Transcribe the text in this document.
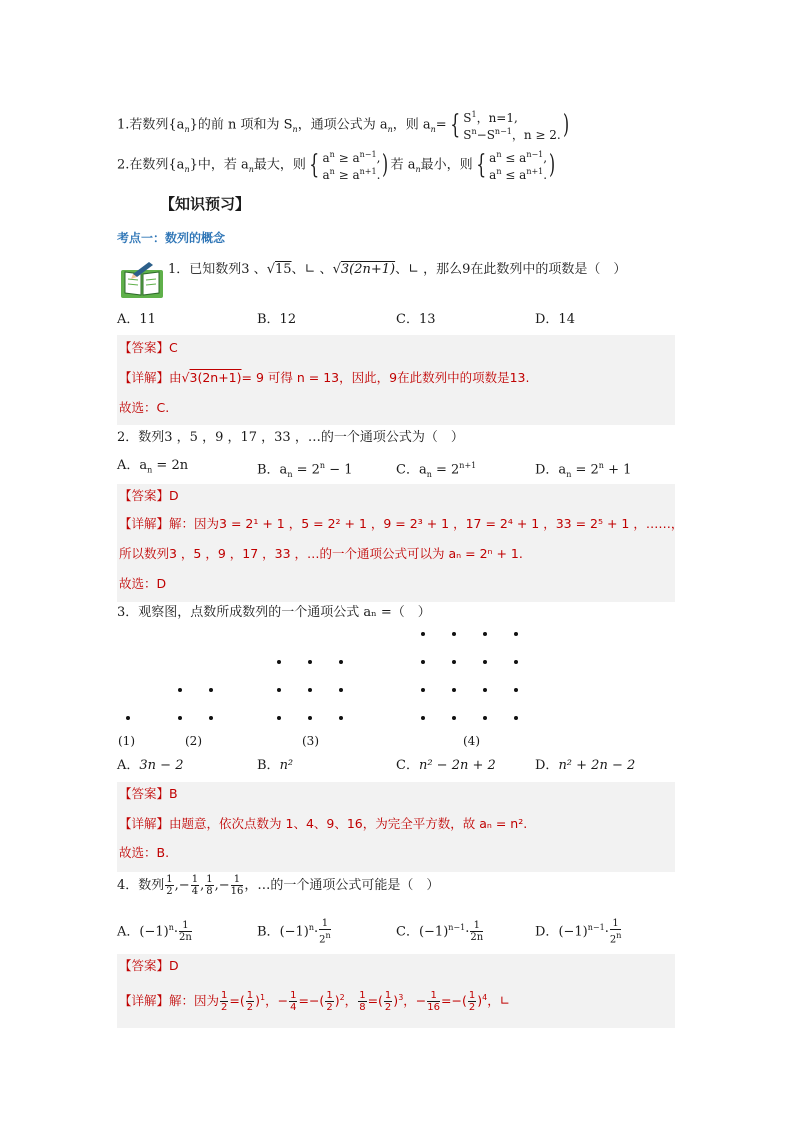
1.若数列$\{a_n\}$的前 n 项和为 $S_n$，通项公式为 $a_n$，则 $a_n=$ { $S^1$，n=1,
$S^n-S^{n-1}$，n ≥ 2. )
2.在数列$\{a_n\}$中，若 $a_n$最大，则 { $a^n \ge a^{n-1}$,
$a^n \ge a^{n+1}$. ) 若 $a_n$最小，则 { $a^n \le a^{n-1}$,
$a^n \le a^{n+1}$. )
【知识预习】
考点一：数列的概念
1．已知数列3 、√15、∟ 、√3(2n+1)、∟ ，那么9在此数列中的项数是（　）
A．11	B．12	C．13	D．14
【答案】C
【详解】由√3(2n+1)= 9 可得 n = 13，因此，9在此数列中的项数是13.
故选：C.
2．数列3 ，5 ，9 ，17 ，33 ，…的一个通项公式为（　）
A．$a_n = 2n$	B．$a_n = 2^n - 1$	C．$a_n = 2^{n+1}$	D．$a_n = 2^n + 1$
【答案】D
【详解】解：因为3 = 2¹ + 1 ，5 = 2² + 1 ，9 = 2³ + 1 ，17 = 2⁴ + 1 ，33 = 2⁵ + 1 ，……，
所以数列3 ，5 ，9 ，17 ，33 ，…的一个通项公式可以为 aₙ = 2ⁿ + 1.
故选：D
3．观察图，点数所成数列的一个通项公式 aₙ =（　）
(1)	(2)	(3)	(4)
A．3n − 2	B．n²	C．n² − 2n + 2	D．n² + 2n − 2
【答案】B
【详解】由题意，依次点数为 1、4、9、16，为完全平方数，故 aₙ = n².
故选：B.
4．数列 $\frac{1}{2}$ ,− $\frac{1}{4}$ , $\frac{1}{8}$ ,− $\frac{1}{16}$ ，…的一个通项公式可能是（　）
A．$(-1)^n\cdot \frac{1}{2n}$	B．$(-1)^n\cdot \frac{1}{2^n}$	C．$(-1)^{n-1}\cdot \frac{1}{2n}$	D．$(-1)^{n-1}\cdot \frac{1}{2^n}$
【答案】D
【详解】解：因为 $\frac{1}{2}$ =( $\frac{1}{2} )^1$，− $\frac{1}{4}$ =−( $\frac{1}{2} )^2$， $\frac{1}{8}$ =( $\frac{1}{2} )^3$，− $\frac{1}{16}$ =−( $\frac{1}{2} )^4$，∟
